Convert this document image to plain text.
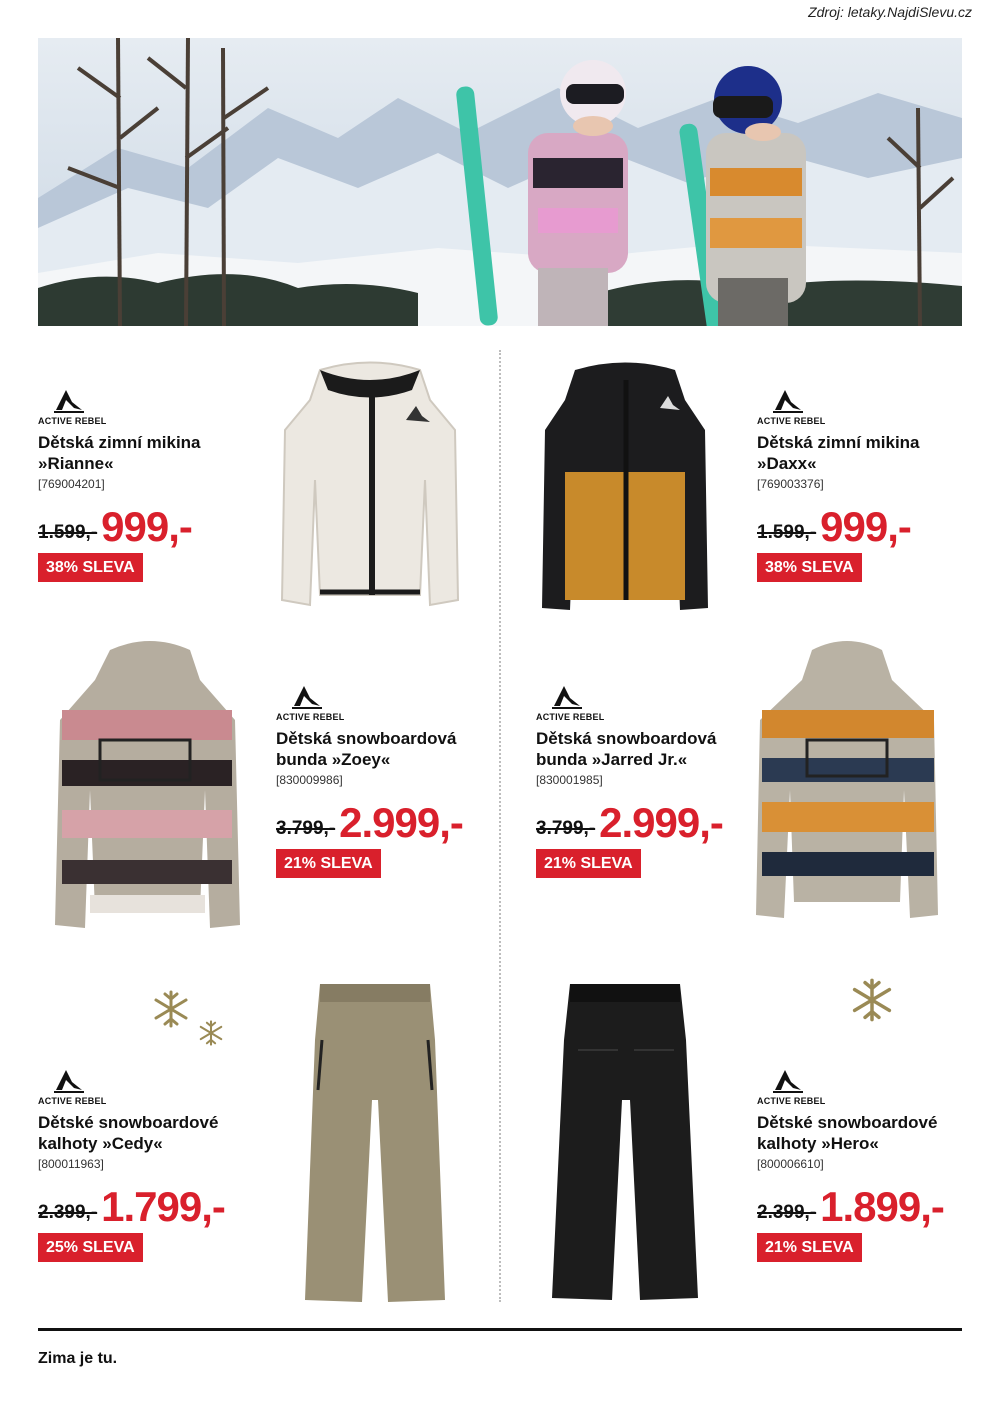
Zdroj: letaky.NajdiSlevu.cz
ACTIVE REBEL
Dětská zimní mikina
»Rianne«
[769004201]
1.599,- 999,-
38% SLEVA
ACTIVE REBEL
Dětská zimní mikina
»Daxx«
[769003376]
1.599,- 999,-
38% SLEVA
ACTIVE REBEL
Dětská snowboardová
bunda »Zoey«
[830009986]
3.799,- 2.999,-
21% SLEVA
ACTIVE REBEL
Dětská snowboardová
bunda »Jarred Jr.«
[830001985]
3.799,- 2.999,-
21% SLEVA
ACTIVE REBEL
Dětské snowboardové
kalhoty »Cedy«
[800011963]
2.399,- 1.799,-
25% SLEVA
ACTIVE REBEL
Dětské snowboardové
kalhoty »Hero«
[800006610]
2.399,- 1.899,-
21% SLEVA
Zima je tu.
